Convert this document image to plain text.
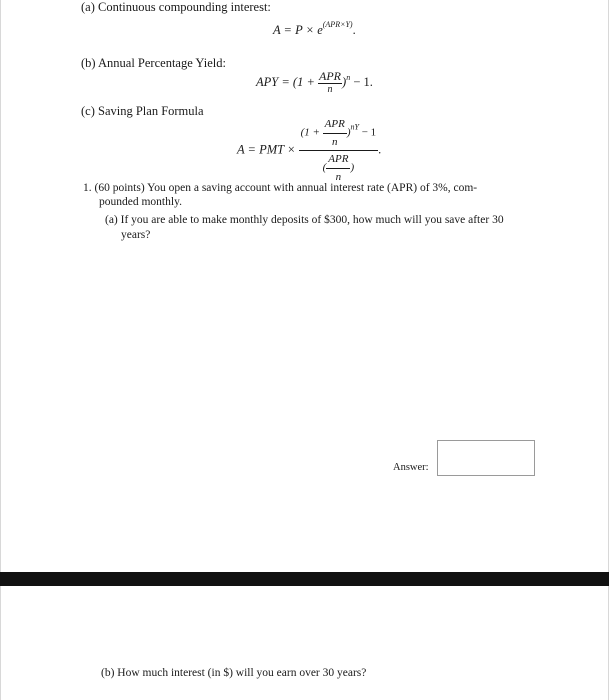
(a) Continuous compounding interest:
$A = P \times e^{(APR\times Y)}$.
(b) Annual Percentage Yield:
APY = $(1 + \frac{\text{APR}}{n} )^n - 1$.
(c) Saving Plan Formula
A = PMT ×
$(1 + \frac{\text{APR}}{n} )^{nY} - 1$
( $\frac{\text{APR}}{n}$ )
.
1. (60 points) You open a saving account with annual interest rate (APR) of 3%, com-
pounded monthly.
(a) If you are able to make monthly deposits of $300, how much will you save after 30
years?
Answer:
(b) How much interest (in $) will you earn over 30 years?
